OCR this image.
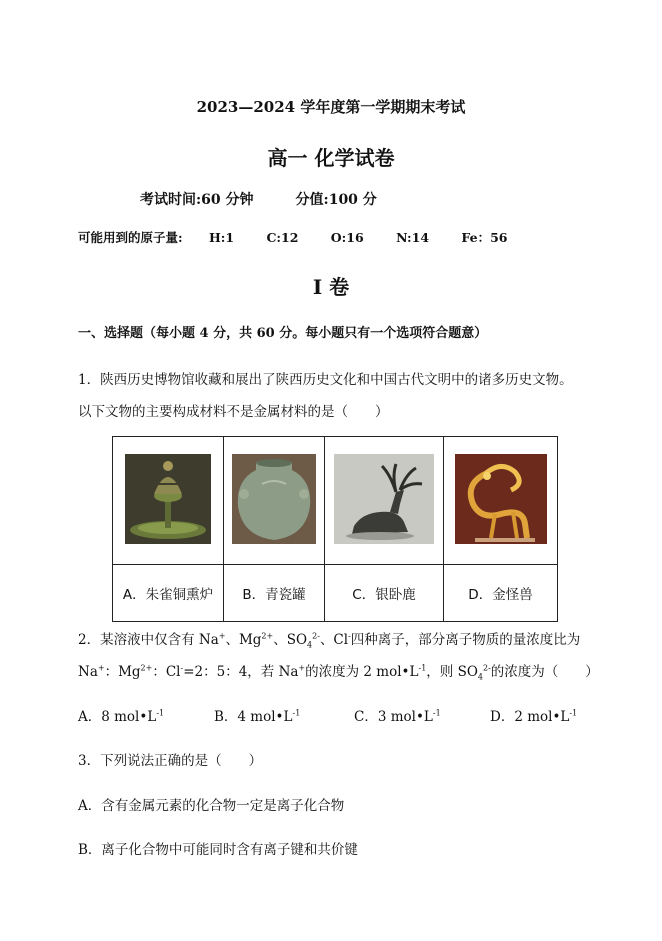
2023—2024 学年度第一学期期末考试
高一 化学试卷
考试时间:60 分钟	分值:100 分
可能用到的原子量: H:1	C:12	O:16	N:14	Fe：56
I 卷
一、选择题（每小题 4 分，共 60 分。每小题只有一个选项符合题意）
1．陕西历史博物馆收藏和展出了陕西历史文化和中国古代文明中的诸多历史文物。
以下文物的主要构成材料不是金属材料的是（　　）

A．朱雀铜熏炉	B．青瓷罐	C．银卧鹿	D．金怪兽
2．某溶液中仅含有 Na+、$Mg^{2+}$、$SO_4^{2-}$、Cl-四种离子，部分离子物质的量浓度比为
Na+：$Mg^{2+}$：Cl-=2：5：4，若 Na+的浓度为 2 $mol•L^{-1}$，则 $SO_4^{2-}$的浓度为（　　）
A．8 $mol•L^{-1}$	B．4 $mol•L^{-1}$	C．3 $mol•L^{-1}$	D．2 $mol•L^{-1}$
3．下列说法正确的是（　　）
A．含有金属元素的化合物一定是离子化合物
B．离子化合物中可能同时含有离子键和共价键
